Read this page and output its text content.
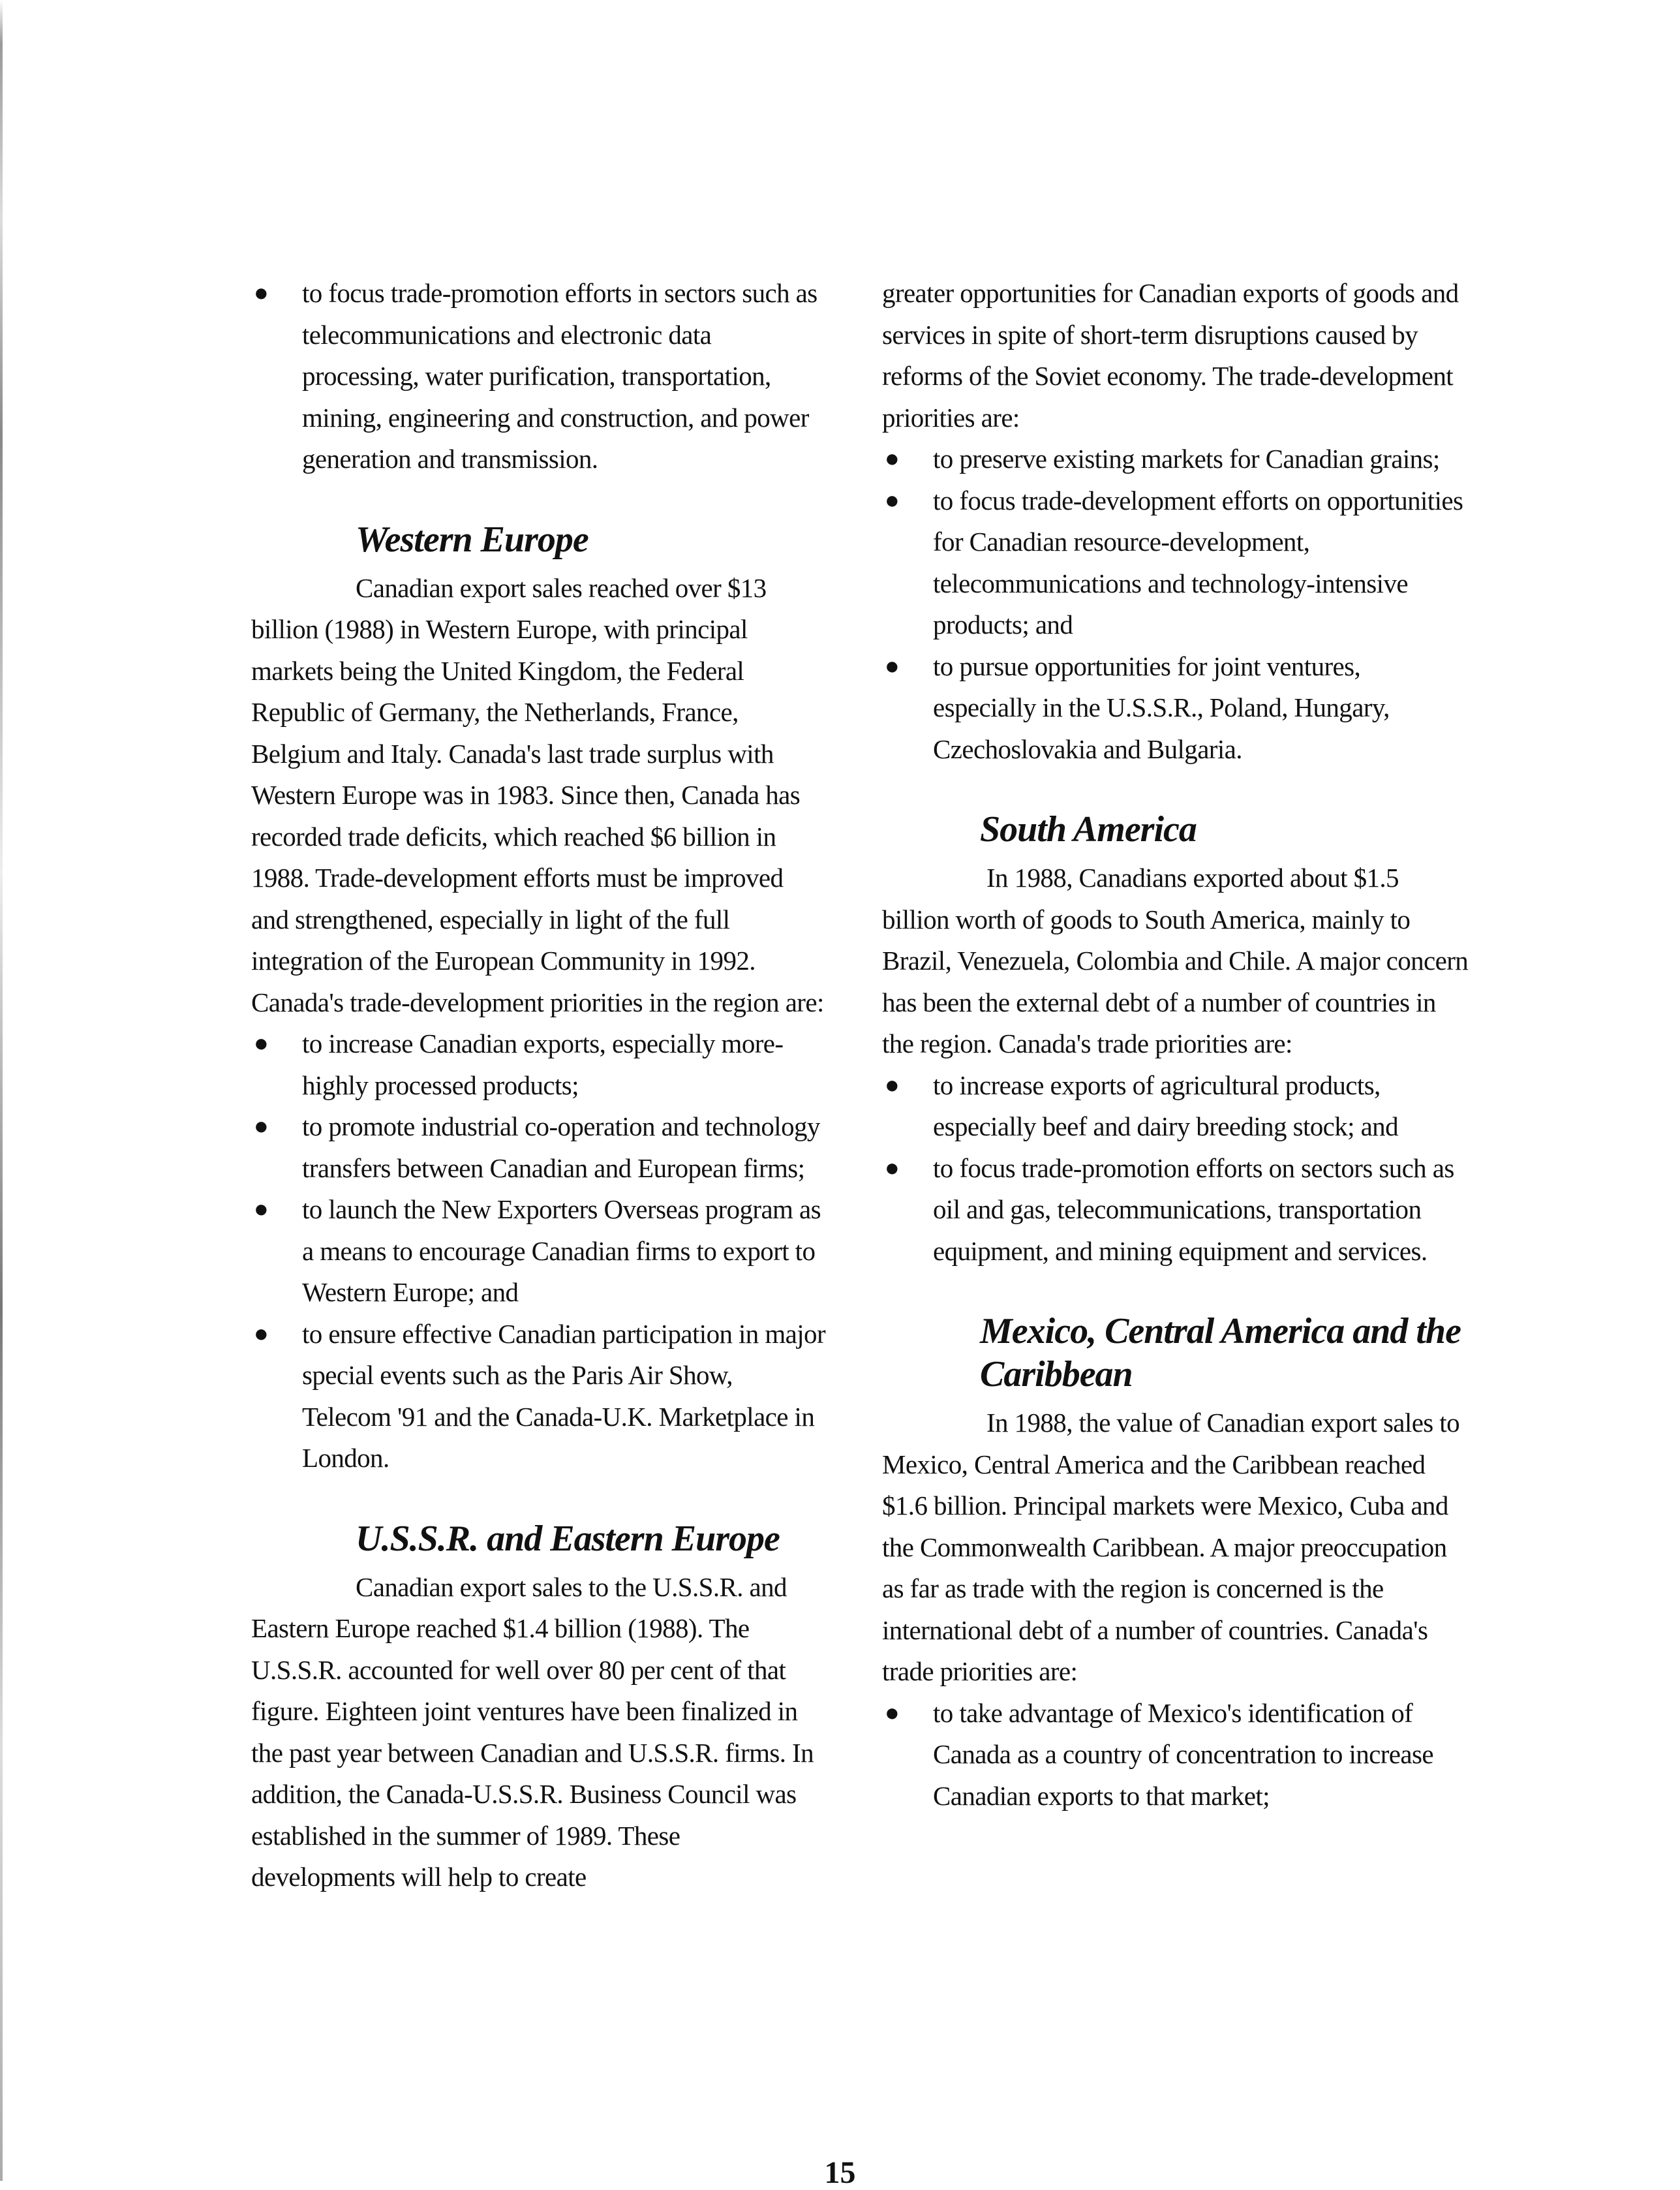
● to focus trade-promotion efforts in sectors such as telecommunications and electronic data processing, water purification, transportation, mining, engineering and construction, and power generation and transmission.
Western Europe

Canadian export sales reached over $13 billion (1988) in Western Europe, with principal markets being the United Kingdom, the Federal Republic of Germany, the Netherlands, France, Belgium and Italy. Canada's last trade surplus with Western Europe was in 1983. Since then, Canada has recorded trade deficits, which reached $6 billion in 1988. Trade-development efforts must be improved and strengthened, especially in light of the full integration of the European Community in 1992. Canada's trade-development priorities in the region are:

● to increase Canadian exports, especially more-highly processed products;
● to promote industrial co-operation and technology transfers between Canadian and European firms;
● to launch the New Exporters Overseas program as a means to encourage Canadian firms to export to Western Europe; and
● to ensure effective Canadian participation in major special events such as the Paris Air Show, Telecom '91 and the Canada-U.K. Marketplace in London.
U.S.S.R. and Eastern Europe

Canadian export sales to the U.S.S.R. and Eastern Europe reached $1.4 billion (1988). The U.S.S.R. accounted for well over 80 per cent of that figure. Eighteen joint ventures have been finalized in the past year between Canadian and U.S.S.R. firms. In addition, the Canada-U.S.S.R. Business Council was established in the summer of 1989. These developments will help to create

greater opportunities for Canadian exports of goods and services in spite of short-term disruptions caused by reforms of the Soviet economy. The trade-development priorities are:

● to preserve existing markets for Canadian grains;
● to focus trade-development efforts on opportunities for Canadian resource-development, telecommunications and technology-intensive products; and
● to pursue opportunities for joint ventures, especially in the U.S.S.R., Poland, Hungary, Czechoslovakia and Bulgaria.
South America

In 1988, Canadians exported about $1.5 billion worth of goods to South America, mainly to Brazil, Venezuela, Colombia and Chile. A major concern has been the external debt of a number of countries in the region. Canada's trade priorities are:

● to increase exports of agricultural products, especially beef and dairy breeding stock; and
● to focus trade-promotion efforts on sectors such as oil and gas, telecommunications, transportation equipment, and mining equipment and services.
Mexico, Central America and the Caribbean

In 1988, the value of Canadian export sales to Mexico, Central America and the Caribbean reached $1.6 billion. Principal markets were Mexico, Cuba and the Commonwealth Caribbean. A major preoccupation as far as trade with the region is concerned is the international debt of a number of countries. Canada's trade priorities are:

● to take advantage of Mexico's identification of Canada as a country of concentration to increase Canadian exports to that market;
15
